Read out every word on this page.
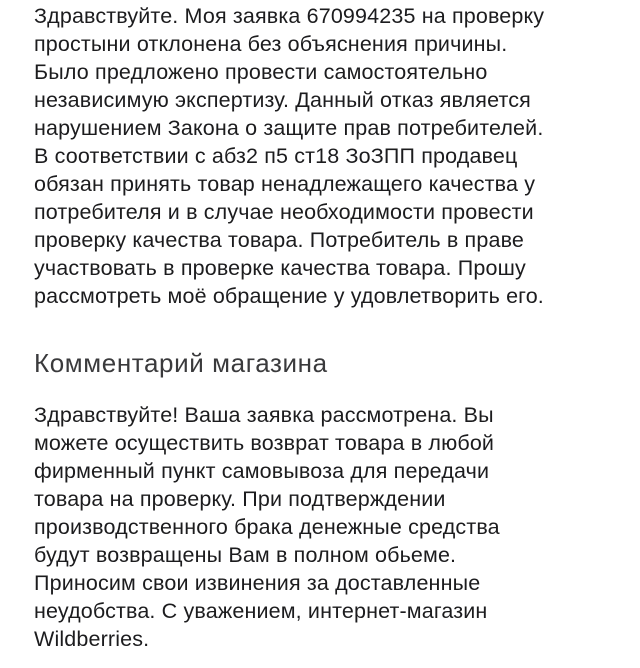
Здравствуйте. Моя заявка 670994235 на проверку
простыни отклонена без объяснения причины.
Было предложено провести самостоятельно
независимую экспертизу. Данный отказ является
нарушением Закона о защите прав потребителей.
В соответствии с абз2 п5 ст18 ЗоЗПП продавец
обязан принять товар ненадлежащего качества у
потребителя и в случае необходимости провести
проверку качества товара. Потребитель в праве
участвовать в проверке качества товара. Прошу
рассмотреть моё обращение у удовлетворить его.
Комментарий магазина
Здравствуйте! Ваша заявка рассмотрена. Вы
можете осуществить возврат товара в любой
фирменный пункт самовывоза для передачи
товара на проверку. При подтверждении
производственного брака денежные средства
будут возвращены Вам в полном обьеме.
Приносим свои извинения за доставленные
неудобства. С уважением, интернет-магазин
Wildberries.
